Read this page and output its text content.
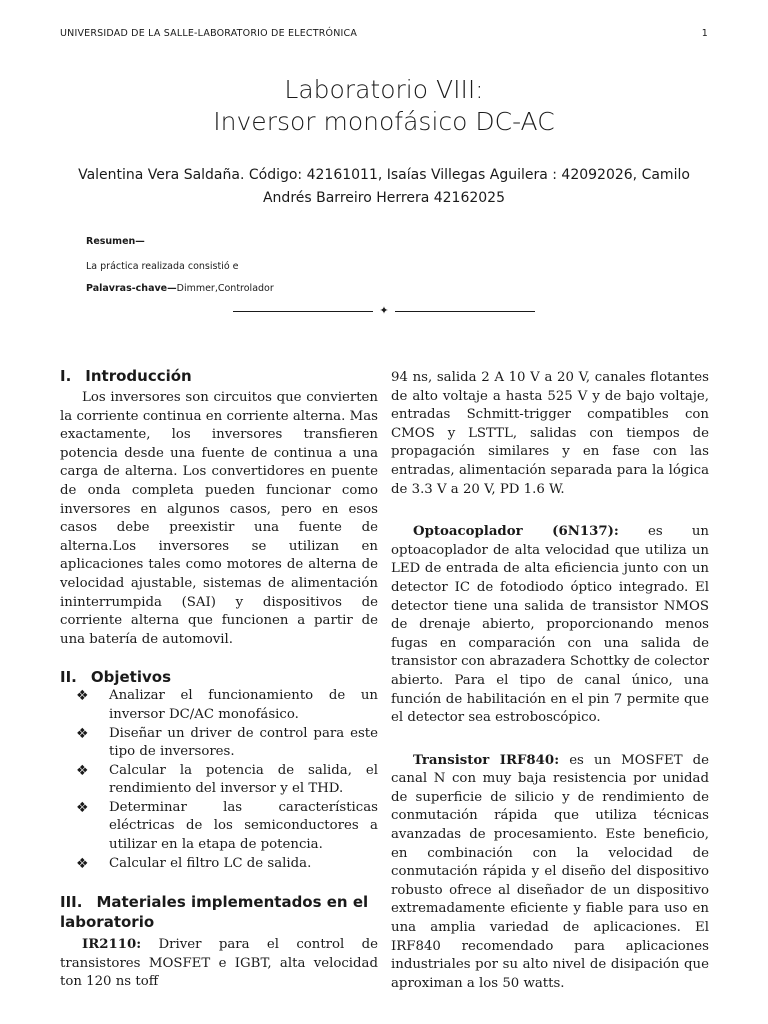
UNIVERSIDAD DE LA SALLE-LABORATORIO DE ELECTRÓNICA	1
Laboratorio VIII:
Inversor monofásico DC-AC
Valentina Vera Saldaña. Código: 42161011, Isaías Villegas Aguilera : 42092026, Camilo
Andrés Barreiro Herrera 42162025
Resumen—
La práctica realizada consistió e
Palavras-chave—Dimmer,Controlador
✦
I. Introducción

Los inversores son circuitos que convierten la corriente continua en corriente alterna. Mas exactamente, los inversores transfieren potencia desde una fuente de continua a una carga de alterna. Los convertidores en puente de onda completa pueden funcionar como inversores en algunos casos, pero en esos casos debe preexistir una fuente de alterna.Los inversores se utilizan en aplicaciones tales como motores de alterna de velocidad ajustable, sistemas de alimentación ininterrumpida (SAI) y dispositivos de corriente alterna que funcionen a partir de una batería de automovil.

II. Objetivos
❖ Analizar el funcionamiento de un inversor DC/AC monofásico.
❖ Diseñar un driver de control para este tipo de inversores.
❖ Calcular la potencia de salida, el rendimiento del inversor y el THD.
❖ Determinar las características eléctricas de los semiconductores a utilizar en la etapa de potencia.
❖ Calcular el filtro LC de salida.
III. Materiales implementados en el laboratorio

IR2110: Driver para el control de transistores MOSFET e IGBT, alta velocidad ton 120 ns toff

94 ns, salida 2 A 10 V a 20 V, canales flotantes de alto voltaje a hasta 525 V y de bajo voltaje, entradas Schmitt-trigger compatibles con CMOS y LSTTL, salidas con tiempos de propagación similares y en fase con las entradas, alimentación separada para la lógica de 3.3 V a 20 V, PD 1.6 W.

Optoacoplador (6N137): es un optoacoplador de alta velocidad que utiliza un LED de entrada de alta eficiencia junto con un detector IC de fotodiodo óptico integrado. El detector tiene una salida de transistor NMOS de drenaje abierto, proporcionando menos fugas en comparación con una salida de transistor con abrazadera Schottky de colector abierto. Para el tipo de canal único, una función de habilitación en el pin 7 permite que el detector sea estroboscópico.

Transistor IRF840: es un MOSFET de canal N con muy baja resistencia por unidad de superficie de silicio y de rendimiento de conmutación rápida que utiliza técnicas avanzadas de procesamiento. Este beneficio, en combinación con la velocidad de conmutación rápida y el diseño del dispositivo robusto ofrece al diseñador de un dispositivo extremadamente eficiente y fiable para uso en una amplia variedad de aplicaciones. El IRF840 recomendado para aplicaciones industriales por su alto nivel de disipación que aproximan a los 50 watts.
